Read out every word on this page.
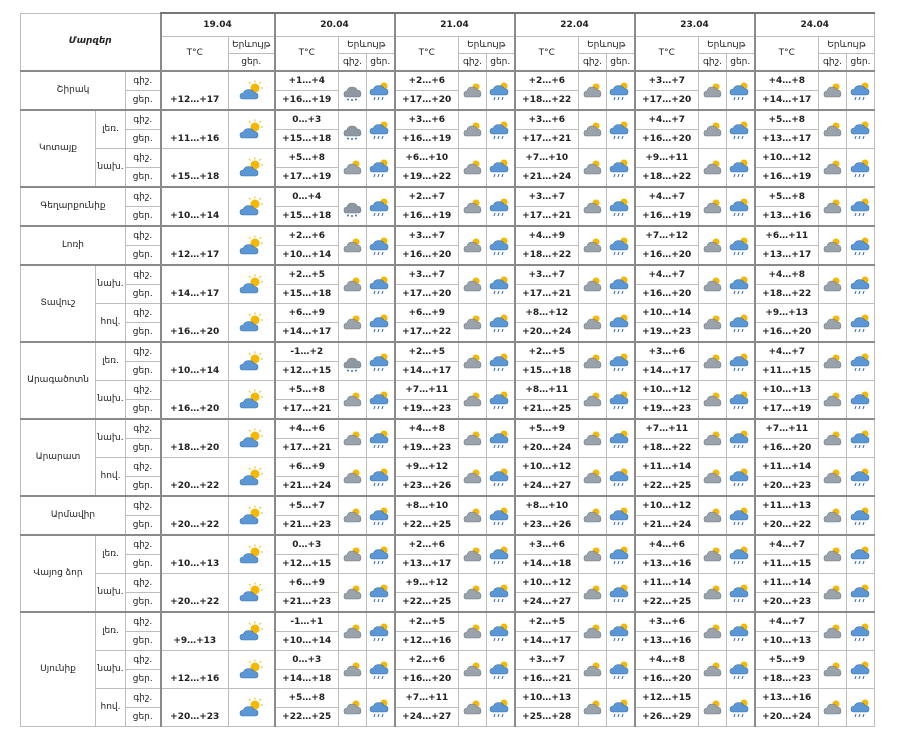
Մարզեր			19.04		20.04			21.04			22.04			23.04			24.04		
			T°C	Երևույթ	T°C	Երևույթ		T°C	Երևույթ		T°C	Երևույթ		T°C	Երևույթ		T°C	Երևույթ	
				ցեր.		գիշ.	ցեր.		գիշ.	ցեր.		գիշ.	ցեր.		գիշ.	ցեր.		գիշ.	ցեր.
Շիրակ		գիշ.	+12…+17		+1…+4			+2…+6			+2…+6			+3…+7			+4…+8	

		ցեր.			+16…+19			+17…+20			+18…+22			+17…+20			+14…+17		
Կոտայք	լեռ.	գիշ.	+11…+16		0…+3			+3…+6			+3…+6			+4…+7			+5…+8	

		ցեր.			+15…+18			+16…+19			+17…+21			+16…+20			+13…+17		
	նախ.	գիշ.	+15…+18		+5…+8			+6…+10			+7…+10			+9…+11			+10…+12	

		ցեր.			+17…+19			+19…+22			+21…+24			+18…+22			+16…+19		
Գեղարքունիք		գիշ.	+10…+14		0…+4			+2…+7			+3…+7			+4…+7			+5…+8	

		ցեր.			+15…+18			+16…+19			+17…+21			+16…+19			+13…+16		
Լոռի		գիշ.	+12…+17		+2…+6			+3…+7			+4…+9			+7…+12			+6…+11	

		ցեր.			+10…+14			+16…+20			+18…+22			+16…+20			+13…+17		
Տավուշ	նախ.	գիշ.	+14…+17		+2…+5			+3…+7			+3…+7			+4…+7			+4…+8	

		ցեր.			+15…+18			+17…+20			+17…+21			+16…+20			+18…+22		
	հով.	գիշ.	+16…+20		+6…+9			+6…+9			+8…+12			+10…+14			+9…+13	

		ցեր.			+14…+17			+17…+22			+20…+24			+19…+23			+16…+20		
Արագածոտն	լեռ.	գիշ.	+10…+14		-1…+2			+2…+5			+2…+5			+3…+6			+4…+7	

		ցեր.			+12…+15			+14…+17			+15…+18			+14…+17			+11…+15		
	նախ.	գիշ.	+16…+20		+5…+8			+7…+11			+8…+11			+10…+12			+10…+13	

		ցեր.			+17…+21			+19…+23			+21…+25			+19…+23			+17…+19		
Արարատ	նախ.	գիշ.	+18…+20		+4…+6			+4…+8			+5…+9			+7…+11			+7…+11	

		ցեր.			+17…+21			+19…+23			+20…+24			+18…+22			+16…+20		
	հով.	գիշ.	+20…+22		+6…+9			+9…+12			+10…+12			+11…+14			+11…+14	

		ցեր.			+21…+24			+23…+26			+24…+27			+22…+25			+20…+23		
Արմավիր		գիշ.	+20…+22		+5…+7			+8…+10			+8…+10			+10…+12			+11…+13	

		ցեր.			+21…+23			+22…+25			+23…+26			+21…+24			+20…+22		
Վայոց ձոր	լեռ.	գիշ.	+10…+13		0…+3			+2…+6			+3…+6			+4…+6			+4…+7	

		ցեր.			+12…+15			+13…+17			+14…+18			+13…+16			+11…+15		
	նախ.	գիշ.	+20…+22		+6…+9			+9…+12			+10…+12			+11…+14			+11…+14	

		ցեր.			+21…+23			+22…+25			+24…+27			+22…+25			+20…+23		
Սյունիք	լեռ.	գիշ.	+9…+13		-1…+1			+2…+5			+2…+5			+3…+6			+4…+7	

		ցեր.			+10…+14			+12…+16			+14…+17			+13…+16			+10…+13		
	նախ.	գիշ.	+12…+16		0…+3			+2…+6			+3…+7			+4…+8			+5…+9	

		ցեր.			+14…+18			+16…+20			+16…+21			+16…+20			+18…+23		
	հով.	գիշ.	+20…+23		+5…+8			+7…+11			+10…+13			+12…+15			+13…+16	

		ցեր.			+22…+25			+24…+27			+25…+28			+26…+29			+20…+24		
